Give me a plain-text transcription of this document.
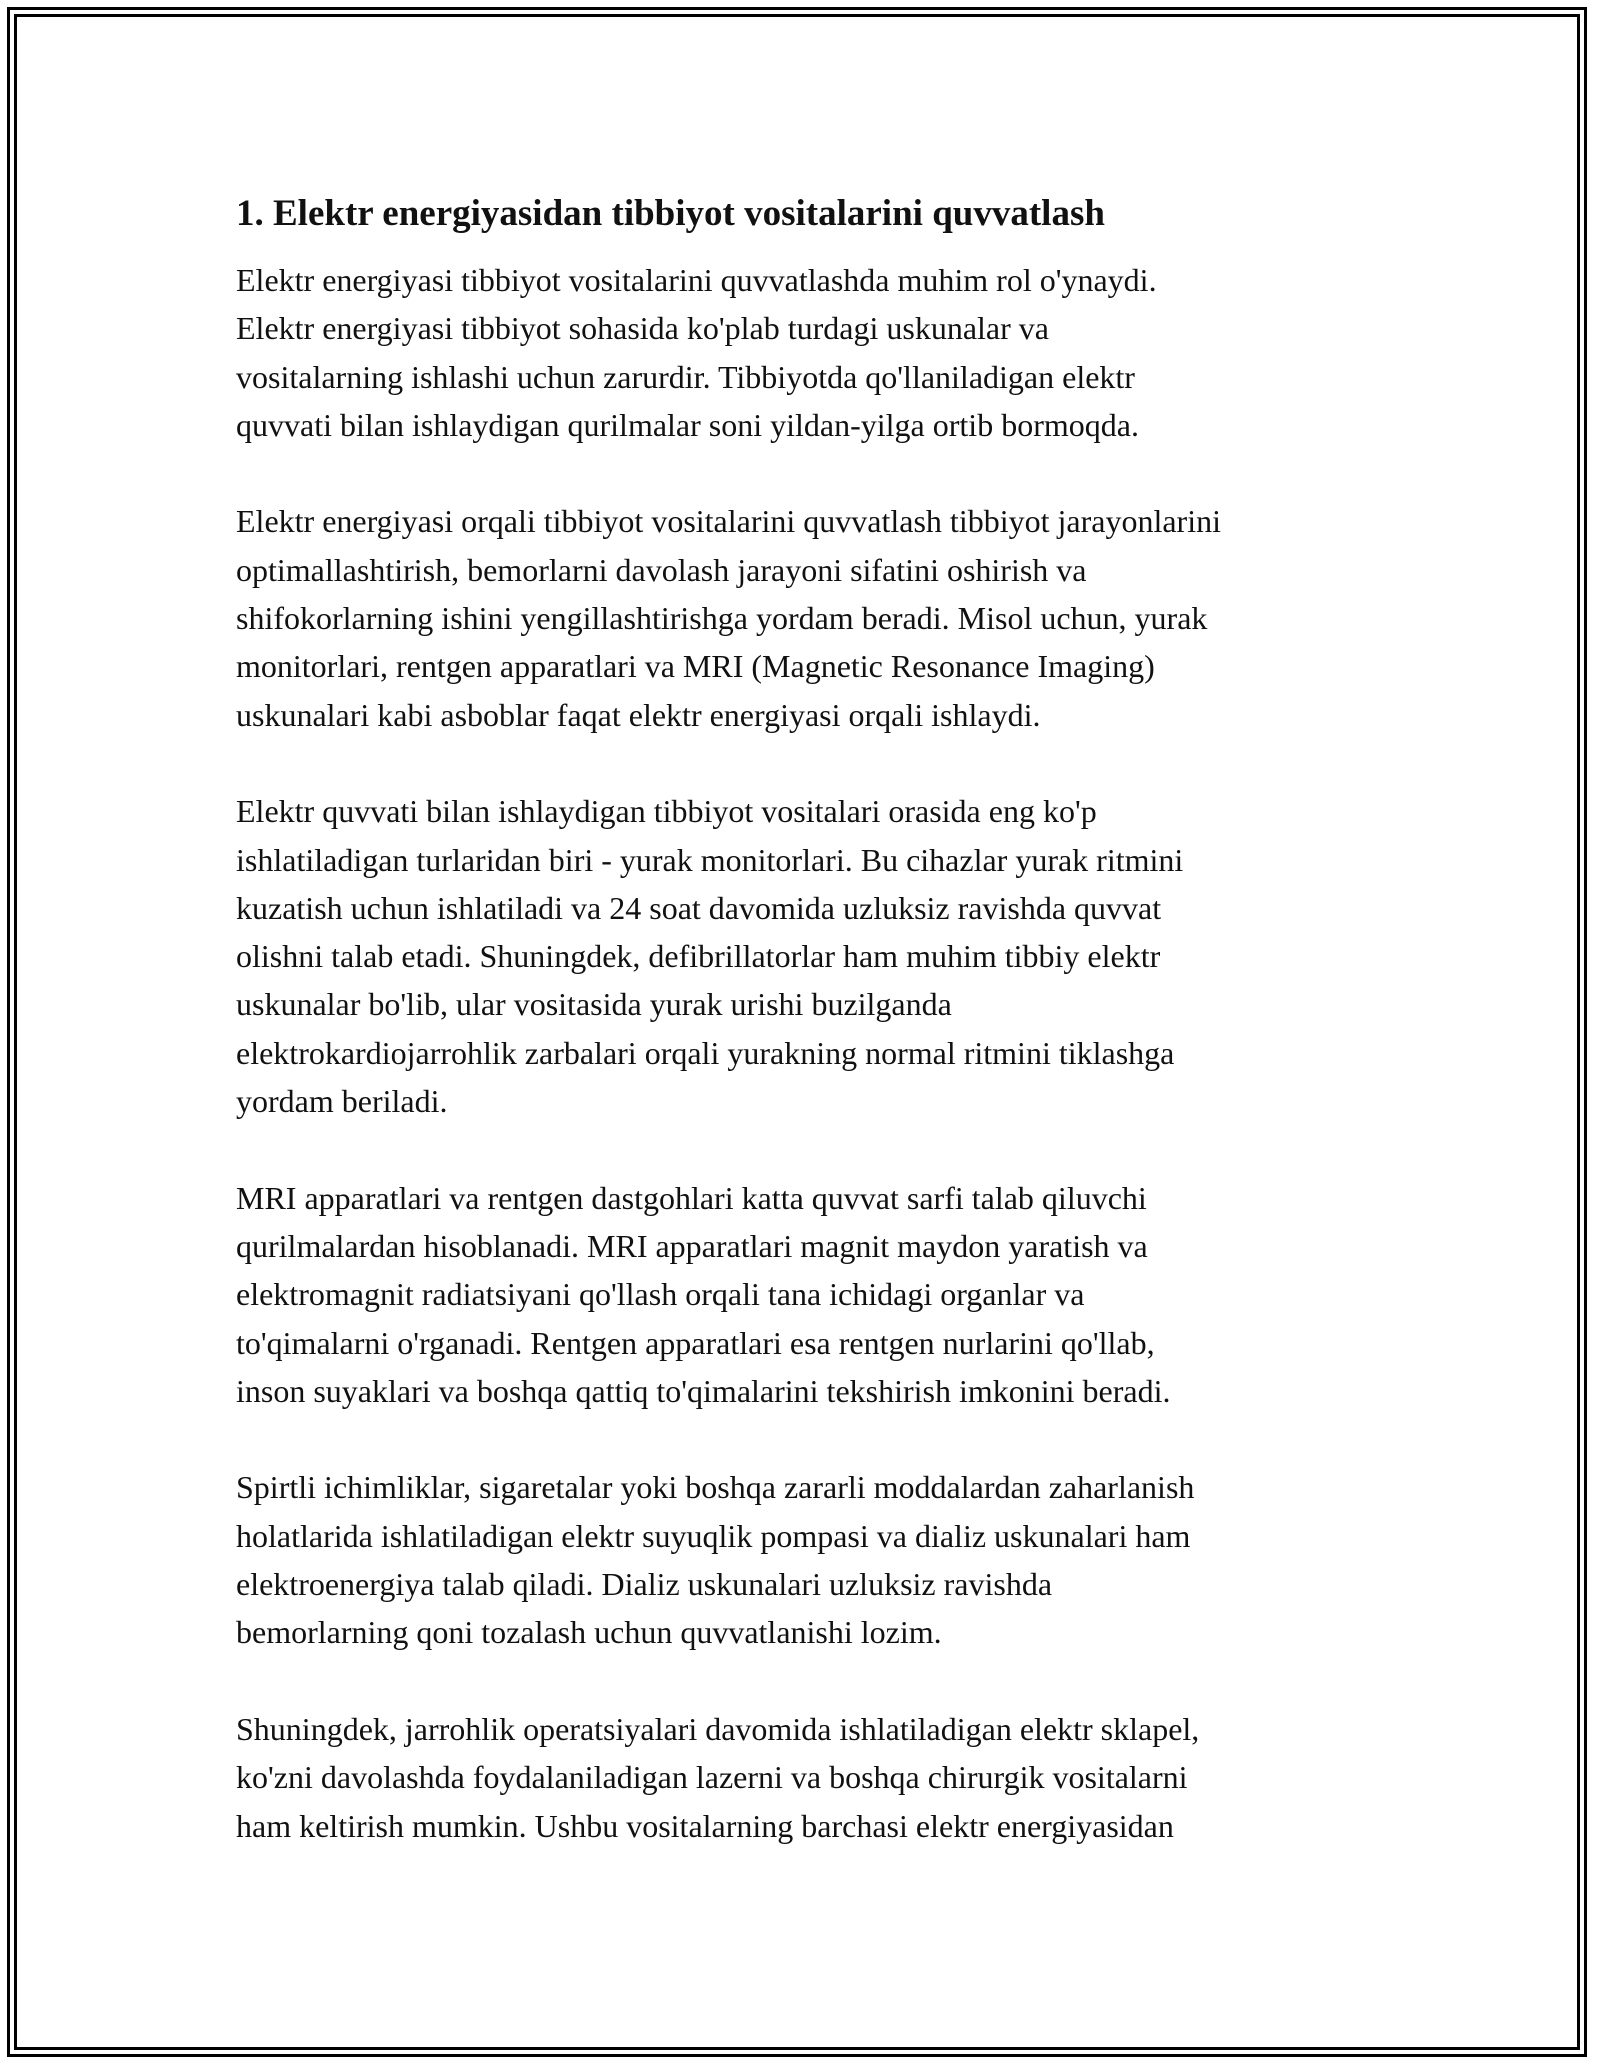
1. Elektr energiyasidan tibbiyot vositalarini quvvatlash

Elektr energiyasi tibbiyot vositalarini quvvatlashda muhim rol o'ynaydi.
Elektr energiyasi tibbiyot sohasida ko'plab turdagi uskunalar va
vositalarning ishlashi uchun zarurdir. Tibbiyotda qo'llaniladigan elektr
quvvati bilan ishlaydigan qurilmalar soni yildan-yilga ortib bormoqda.

Elektr energiyasi orqali tibbiyot vositalarini quvvatlash tibbiyot jarayonlarini
optimallashtirish, bemorlarni davolash jarayoni sifatini oshirish va
shifokorlarning ishini yengillashtirishga yordam beradi. Misol uchun, yurak
monitorlari, rentgen apparatlari va MRI (Magnetic Resonance Imaging)
uskunalari kabi asboblar faqat elektr energiyasi orqali ishlaydi.

Elektr quvvati bilan ishlaydigan tibbiyot vositalari orasida eng ko'p
ishlatiladigan turlaridan biri - yurak monitorlari. Bu cihazlar yurak ritmini
kuzatish uchun ishlatiladi va 24 soat davomida uzluksiz ravishda quvvat
olishni talab etadi. Shuningdek, defibrillatorlar ham muhim tibbiy elektr
uskunalar bo'lib, ular vositasida yurak urishi buzilganda
elektrokardiojarrohlik zarbalari orqali yurakning normal ritmini tiklashga
yordam beriladi.

MRI apparatlari va rentgen dastgohlari katta quvvat sarfi talab qiluvchi
qurilmalardan hisoblanadi. MRI apparatlari magnit maydon yaratish va
elektromagnit radiatsiyani qo'llash orqali tana ichidagi organlar va
to'qimalarni o'rganadi. Rentgen apparatlari esa rentgen nurlarini qo'llab,
inson suyaklari va boshqa qattiq to'qimalarini tekshirish imkonini beradi.

Spirtli ichimliklar, sigaretalar yoki boshqa zararli moddalardan zaharlanish
holatlarida ishlatiladigan elektr suyuqlik pompasi va dializ uskunalari ham
elektroenergiya talab qiladi. Dializ uskunalari uzluksiz ravishda
bemorlarning qoni tozalash uchun quvvatlanishi lozim.

Shuningdek, jarrohlik operatsiyalari davomida ishlatiladigan elektr sklapel,
ko'zni davolashda foydalaniladigan lazerni va boshqa chirurgik vositalarni
ham keltirish mumkin. Ushbu vositalarning barchasi elektr energiyasidan
